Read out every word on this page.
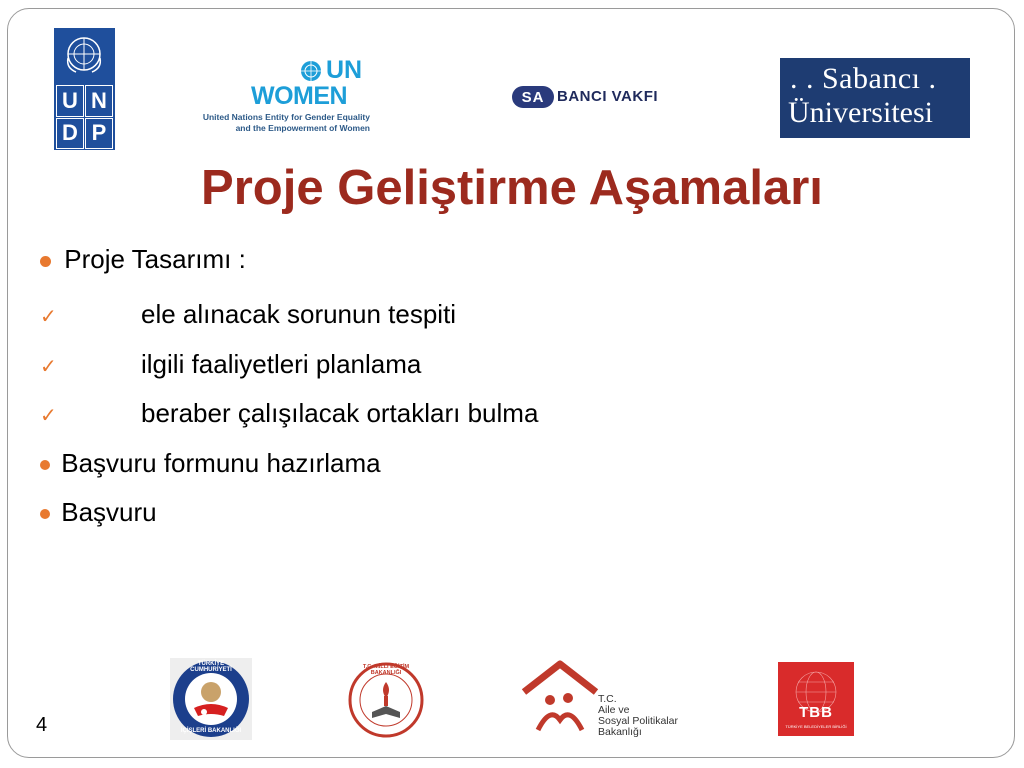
U N
D P
UN
WOMEN
United Nations Entity for Gender Equality
and the Empowerment of Women
SA BANCI VAKFI
. . Sabancı .
Üniversitesi
Proje Geliştirme Aşamaları
Proje Tasarımı :
✓	ele alınacak sorunun tespiti
✓	ilgili faaliyetleri planlama
✓	beraber çalışılacak ortakları bulma
Başvuru formunu hazırlama
Başvuru
TÜRKİYE CUMHURİYETİ
İÇİŞLERİ BAKANLIĞI
T.C. MİLLİ EĞİTİM BAKANLIĞI
T.C.
Aile ve
Sosyal Politikalar
Bakanlığı
TBB
TÜRKİYE BELEDİYELER BİRLİĞİ
4
